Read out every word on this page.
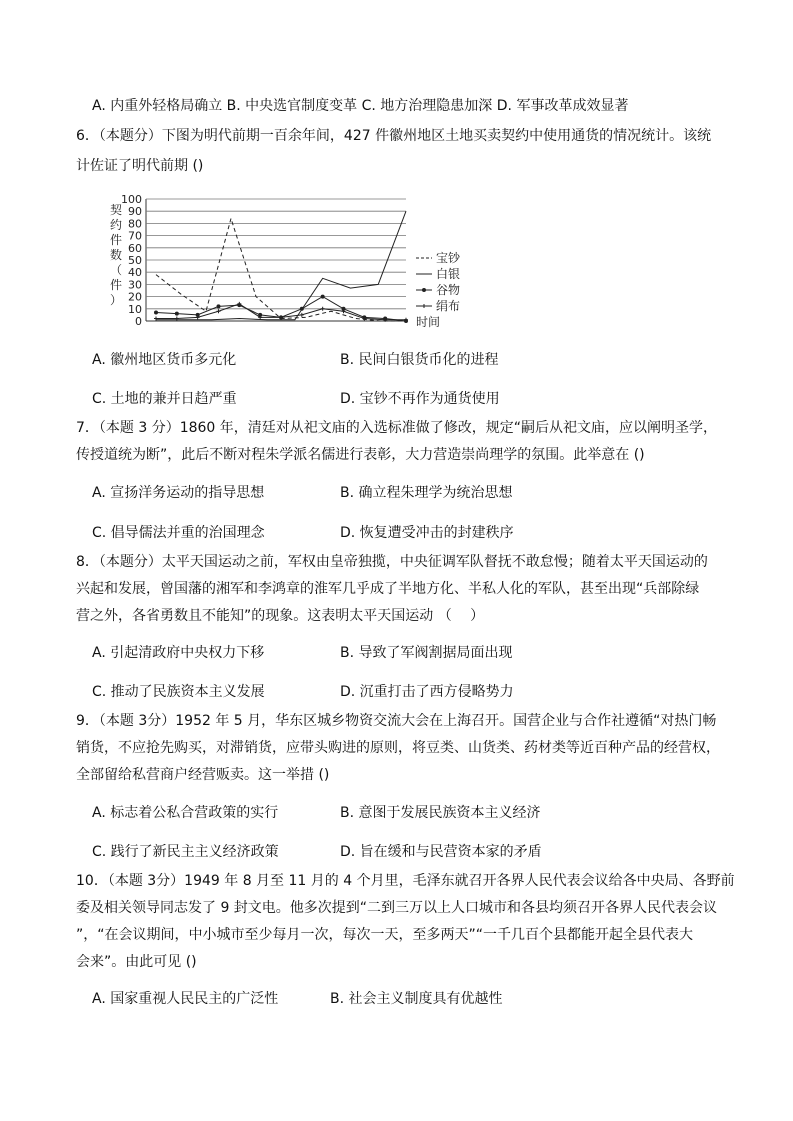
A. 内重外轻格局确立 B. 中央选官制度变革 C. 地方治理隐患加深 D. 军事改革成效显著
6．（本题分）下图为明代前期一百余年间，427 件徽州地区土地买卖契约中使用通货的情况统计。该统
计佐证了明代前期 ()
0
10
20
30
40
50
60
70
80
90
100
宝钞
白银
谷物
绢布
契约件数（件）
时间
A. 徽州地区货币多元化	B. 民间白银货币化的进程
C. 土地的兼并日趋严重	D. 宝钞不再作为通货使用
7．（本题 3 分）1860 年，清廷对从祀文庙的入选标准做了修改，规定“嗣后从祀文庙，应以阐明圣学，
传授道统为断”，此后不断对程朱学派名儒进行表彰，大力营造崇尚理学的氛围。此举意在 ()
A. 宣扬洋务运动的指导思想	B. 确立程朱理学为统治思想
C. 倡导儒法并重的治国理念	D. 恢复遭受冲击的封建秩序
8．（本题分）太平天国运动之前，军权由皇帝独揽，中央征调军队督抚不敢怠慢；随着太平天国运动的
兴起和发展，曾国藩的湘军和李鸿章的淮军几乎成了半地方化、半私人化的军队，甚至出现“兵部除绿
营之外，各省勇数且不能知”的现象。这表明太平天国运动 （　 ）
A. 引起清政府中央权力下移	B. 导致了军阀割据局面出现
C. 推动了民族资本主义发展	D. 沉重打击了西方侵略势力
9．（本题 3分）1952 年 5 月，华东区城乡物资交流大会在上海召开。国营企业与合作社遵循“对热门畅
销货，不应抢先购买，对滞销货，应带头购进的原则，将豆类、山货类、药材类等近百种产品的经营权，
全部留给私营商户经营贩卖。这一举措 ()
A. 标志着公私合营政策的实行	B. 意图于发展民族资本主义经济
C. 践行了新民主主义经济政策	D. 旨在缓和与民营资本家的矛盾
10．（本题 3分）1949 年 8 月至 11 月的 4 个月里，毛泽东就召开各界人民代表会议给各中央局、各野前
委及相关领导同志发了 9 封文电。他多次提到“二到三万以上人口城市和各县均须召开各界人民代表会议
”，“在会议期间，中小城市至少每月一次，每次一天，至多两天”“一千几百个县都能开起全县代表大
会来”。由此可见 ()
A. 国家重视人民民主的广泛性	B. 社会主义制度具有优越性
